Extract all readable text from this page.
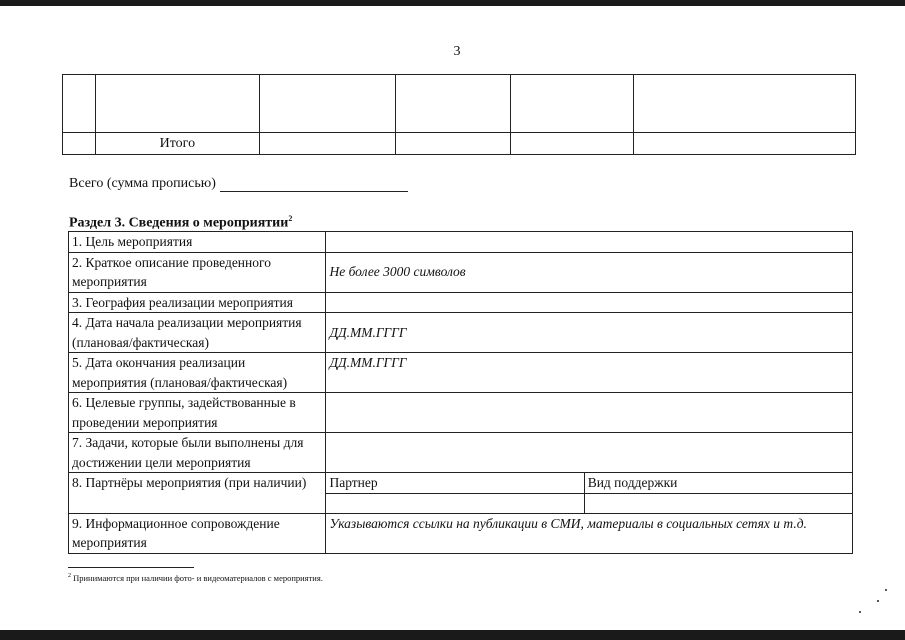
3

	Итого				
Всего (сумма прописью)
Раздел 3. Сведения о мероприятии$^2$
1. Цель мероприятия		
2. Краткое описание проведенного мероприятия	Не более 3000 символов	
3. География реализации мероприятия		
4. Дата начала реализации мероприятия (плановая/фактическая)	ДД.ММ.ГГГГ	
5. Дата окончания реализации мероприятия (плановая/фактическая)	ДД.ММ.ГГГГ	
6. Целевые группы, задействованные в проведении мероприятия		
7. Задачи, которые были выполнены для достижении цели мероприятия		
8. Партнёры мероприятия (при наличии)	Партнер	Вид поддержки

9. Информационное сопровождение мероприятия	Указываются ссылки на публикации в СМИ, материалы в социальных сетях и т.д.	
$^2$ Принимаются при наличии фото- и видеоматериалов с мероприятия.
